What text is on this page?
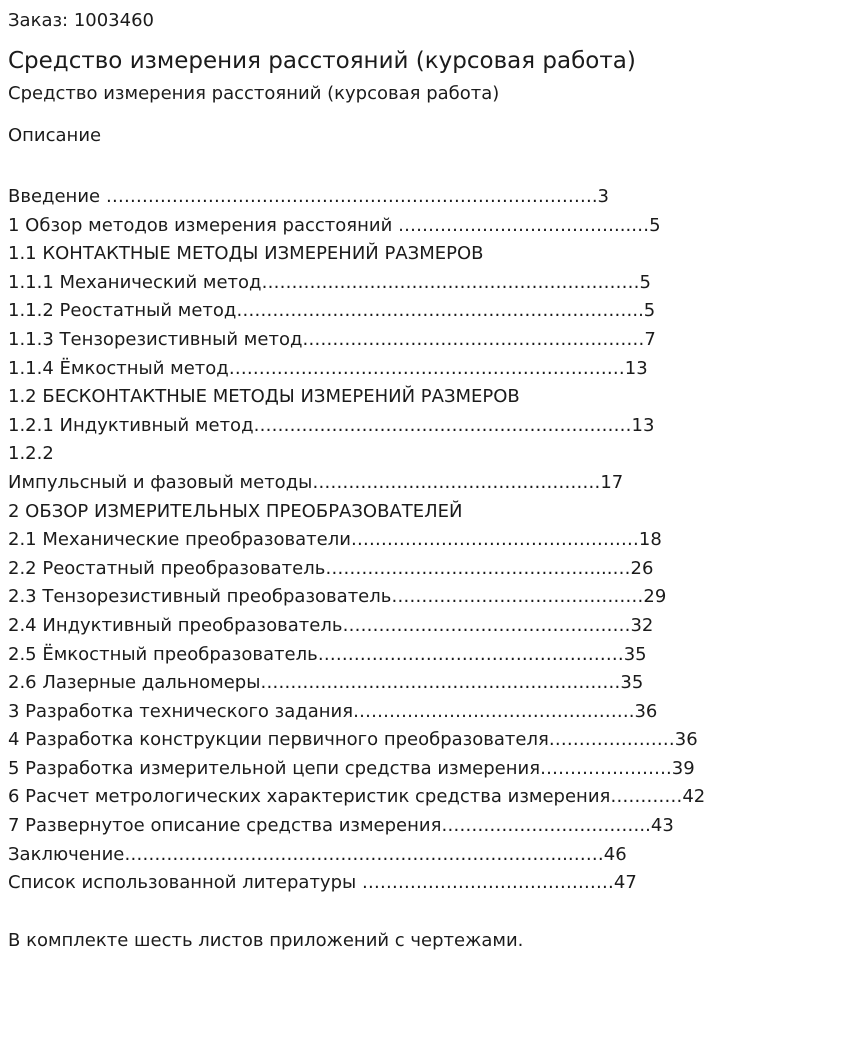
Заказ: 1003460

Средство измерения расстояний (курсовая работа)

Средство измерения расстояний (курсовая работа)

Описание

Введение ……………………………………………………………………….3
1 Обзор методов измерения расстояний ………………………………...…5
1.1 КОНТАКТНЫЕ МЕТОДЫ ИЗМЕРЕНИЙ РАЗМЕРОВ
1.1.1 Механический метод………………………………………………………5
1.1.2 Реостатный метод…………………………………………………………..5
1.1.3 Тензорезистивный метод…………………………………………………7
1.1.4 Ёмкостный метод…………………………………………………………13
1.2 БЕСКОНТАКТНЫЕ МЕТОДЫ ИЗМЕРЕНИЙ РАЗМЕРОВ
1.2.1 Индуктивный метод………………………………………………………13
1.2.2
Импульсный и фазовый методы…………………………………………17
2 ОБЗОР ИЗМЕРИТЕЛЬНЫХ ПРЕОБРАЗОВАТЕЛЕЙ
2.1 Механические преобразователи…………………………………………18
2.2 Реостатный преобразователь………………………………………...…26
2.3 Тензорезистивный преобразователь……………………………………29
2.4 Индуктивный преобразователь…………………………………………32
2.5 Ёмкостный преобразователь……………………………………………35
2.6 Лазерные дальномеры……………………………………………………35
3 Разработка технического задания………………….…………………….36
4 Разработка конструкции первичного преобразователя…………………36
5 Разработка измерительной цепи средства измерения………………….39
6 Расчет метрологических характеристик средства измерения…………42
7 Развернутое описание средства измерения……………………………..43
Заключение………………………………………………………………..……46
Список использованной литературы ……………………………………47

В комплекте шесть листов приложений с чертежами.
